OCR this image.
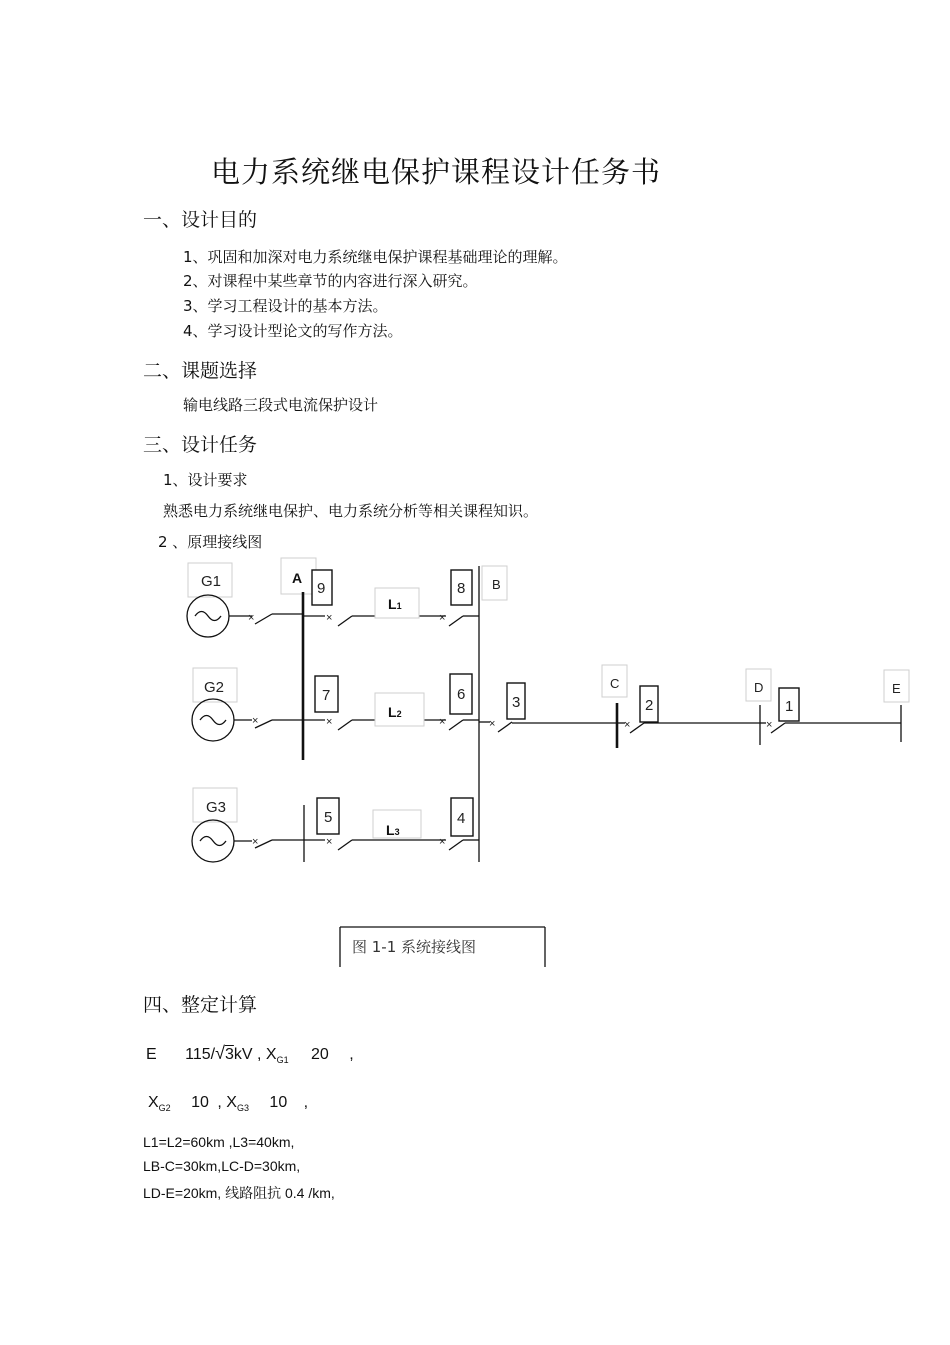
电力系统继电保护课程设计任务书
一、设计目的
1、巩固和加深对电力系统继电保护课程基础理论的理解。
2、对课程中某些章节的内容进行深入研究。
3、学习工程设计的基本方法。
4、学习设计型论文的写作方法。
二、课题选择
输电线路三段式电流保护设计
三、设计任务
1、设计要求
熟悉电力系统继电保护、电力系统分析等相关课程知识。
2 、原理接线图
G1
G2
G3
×
×
×
A	B
×	×
L1
×	×
L2
×	×
L3
9	8
7	6
5	4
×
3
C
×
2
D
×
1
E
图 1-1 系统接线图
四、整定计算
E 115/√3kV , $X_{G1}$ 20 ,
$X_{G2}$ 10 , $X_{G3}$ 10 ,
L1=L2=60km ,L3=40km,
LB-C=30km,LC-D=30km,
LD-E=20km, 线路阻抗 0.4 /km,
